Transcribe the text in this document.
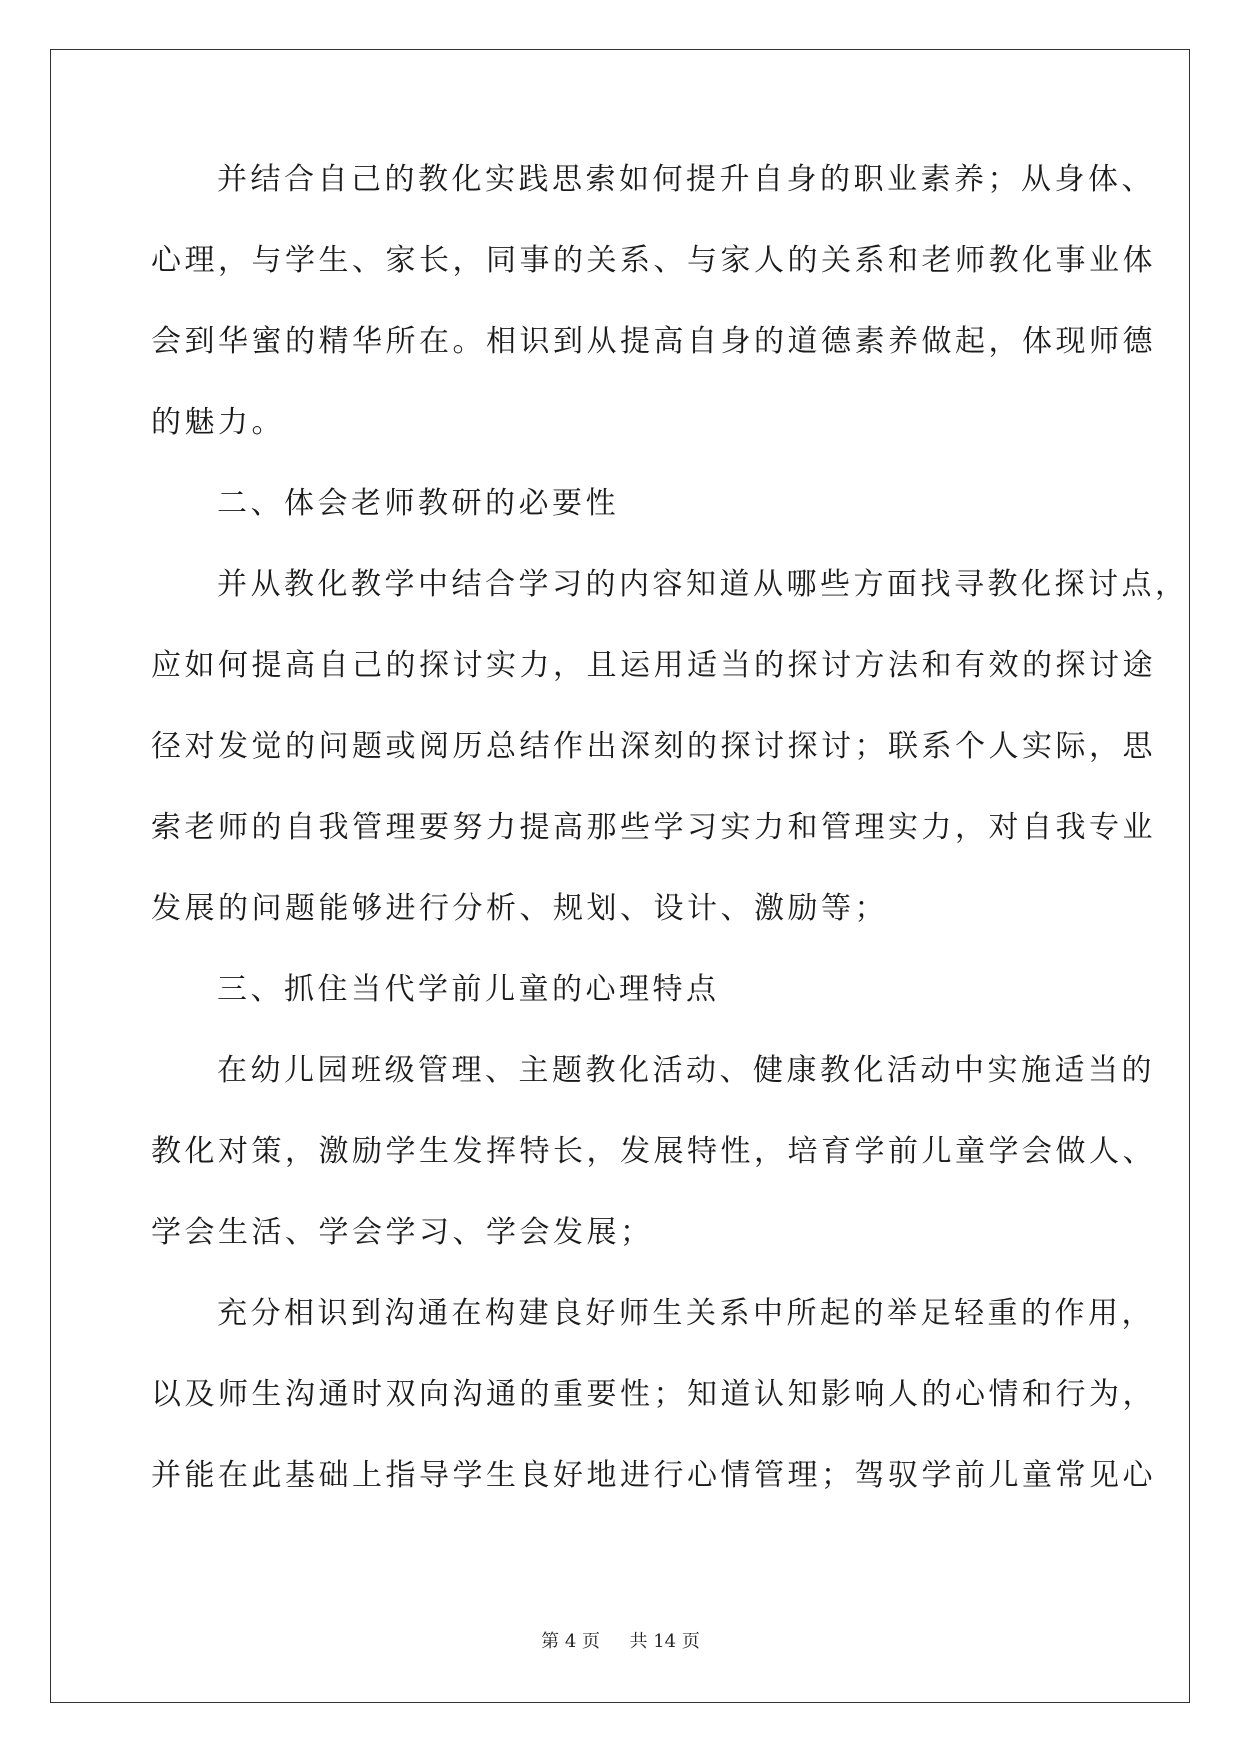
并结合自己的教化实践思索如何提升自身的职业素养；从身体、

心理，与学生、家长，同事的关系、与家人的关系和老师教化事业体

会到华蜜的精华所在。相识到从提高自身的道德素养做起，体现师德

的魅力。

二、体会老师教研的必要性

并从教化教学中结合学习的内容知道从哪些方面找寻教化探讨点，

应如何提高自己的探讨实力，且运用适当的探讨方法和有效的探讨途

径对发觉的问题或阅历总结作出深刻的探讨探讨；联系个人实际，思

索老师的自我管理要努力提高那些学习实力和管理实力，对自我专业

发展的问题能够进行分析、规划、设计、激励等；

三、抓住当代学前儿童的心理特点

在幼儿园班级管理、主题教化活动、健康教化活动中实施适当的

教化对策，激励学生发挥特长，发展特性，培育学前儿童学会做人、

学会生活、学会学习、学会发展；

充分相识到沟通在构建良好师生关系中所起的举足轻重的作用，

以及师生沟通时双向沟通的重要性；知道认知影响人的心情和行为，

并能在此基础上指导学生良好地进行心情管理；驾驭学前儿童常见心

第 4 页 共 14 页
